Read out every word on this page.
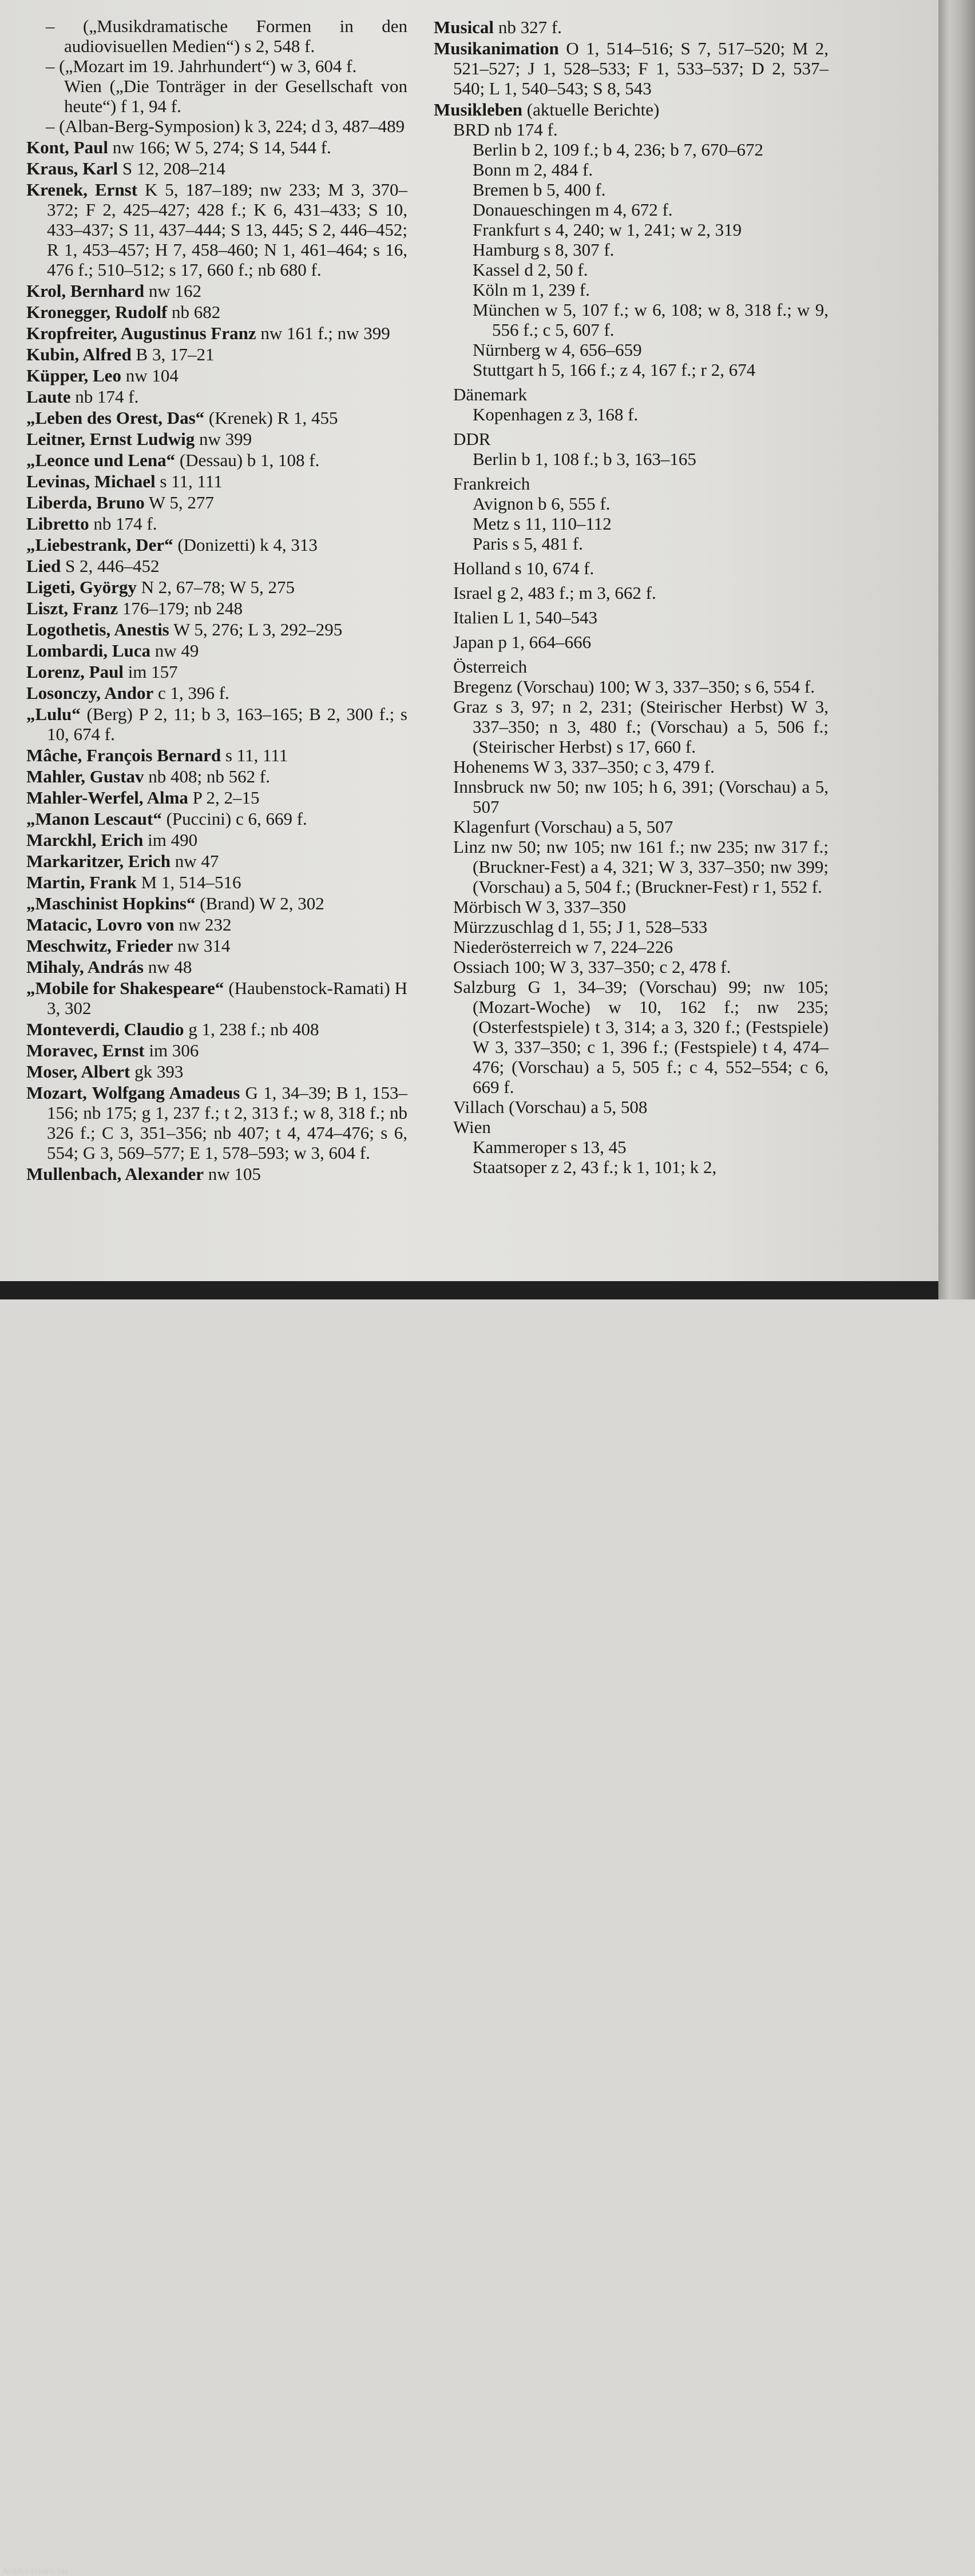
– („Musikdramatische Formen in den audiovisuellen Medien“) s 2, 548 f.
– („Mozart im 19. Jahrhundert“) w 3, 604 f.
Wien („Die Tonträger in der Gesellschaft von heute“) f 1, 94 f.
– (Alban-Berg-Symposion) k 3, 224; d 3, 487–489
Kont, Paul nw 166; W 5, 274; S 14, 544 f.
Kraus, Karl S 12, 208–214
Krenek, Ernst K 5, 187–189; nw 233; M 3, 370–372; F 2, 425–427; 428 f.; K 6, 431–433; S 10, 433–437; S 11, 437–444; S 13, 445; S 2, 446–452; R 1, 453–457; H 7, 458–460; N 1, 461–464; s 16, 476 f.; 510–512; s 17, 660 f.; nb 680 f.
Krol, Bernhard nw 162
Kronegger, Rudolf nb 682
Kropfreiter, Augustinus Franz nw 161 f.; nw 399
Kubin, Alfred B 3, 17–21
Küpper, Leo nw 104
Laute nb 174 f.
„Leben des Orest, Das“ (Krenek) R 1, 455
Leitner, Ernst Ludwig nw 399
„Leonce und Lena“ (Dessau) b 1, 108 f.
Levinas, Michael s 11, 111
Liberda, Bruno W 5, 277
Libretto nb 174 f.
„Liebestrank, Der“ (Donizetti) k 4, 313
Lied S 2, 446–452
Ligeti, György N 2, 67–78; W 5, 275
Liszt, Franz 176–179; nb 248
Logothetis, Anestis W 5, 276; L 3, 292–295
Lombardi, Luca nw 49
Lorenz, Paul im 157
Losonczy, Andor c 1, 396 f.
„Lulu“ (Berg) P 2, 11; b 3, 163–165; B 2, 300 f.; s 10, 674 f.
Mâche, François Bernard s 11, 111
Mahler, Gustav nb 408; nb 562 f.
Mahler-Werfel, Alma P 2, 2–15
„Manon Lescaut“ (Puccini) c 6, 669 f.
Marckhl, Erich im 490
Markaritzer, Erich nw 47
Martin, Frank M 1, 514–516
„Maschinist Hopkins“ (Brand) W 2, 302
Matacic, Lovro von nw 232
Meschwitz, Frieder nw 314
Mihaly, András nw 48
„Mobile for Shakespeare“ (Haubenstock-Ramati) H 3, 302
Monteverdi, Claudio g 1, 238 f.; nb 408
Moravec, Ernst im 306
Moser, Albert gk 393
Mozart, Wolfgang Amadeus G 1, 34–39; B 1, 153–156; nb 175; g 1, 237 f.; t 2, 313 f.; w 8, 318 f.; nb 326 f.; C 3, 351–356; nb 407; t 4, 474–476; s 6, 554; G 3, 569–577; E 1, 578–593; w 3, 604 f.
Mullenbach, Alexander nw 105
Musical nb 327 f.
Musikanimation O 1, 514–516; S 7, 517–520; M 2, 521–527; J 1, 528–533; F 1, 533–537; D 2, 537–540; L 1, 540–543; S 8, 543
Musikleben (aktuelle Berichte)
BRD nb 174 f.
Berlin b 2, 109 f.; b 4, 236; b 7, 670–672
Bonn m 2, 484 f.
Bremen b 5, 400 f.
Donaueschingen m 4, 672 f.
Frankfurt s 4, 240; w 1, 241; w 2, 319
Hamburg s 8, 307 f.
Kassel d 2, 50 f.
Köln m 1, 239 f.
München w 5, 107 f.; w 6, 108; w 8, 318 f.; w 9, 556 f.; c 5, 607 f.
Nürnberg w 4, 656–659
Stuttgart h 5, 166 f.; z 4, 167 f.; r 2, 674
Dänemark
Kopenhagen z 3, 168 f.
DDR
Berlin b 1, 108 f.; b 3, 163–165
Frankreich
Avignon b 6, 555 f.
Metz s 11, 110–112
Paris s 5, 481 f.
Holland s 10, 674 f.
Israel g 2, 483 f.; m 3, 662 f.
Italien L 1, 540–543
Japan p 1, 664–666
Österreich
Bregenz (Vorschau) 100; W 3, 337–350; s 6, 554 f.
Graz s 3, 97; n 2, 231; (Steirischer Herbst) W 3, 337–350; n 3, 480 f.; (Vorschau) a 5, 506 f.; (Steirischer Herbst) s 17, 660 f.
Hohenems W 3, 337–350; c 3, 479 f.
Innsbruck nw 50; nw 105; h 6, 391; (Vorschau) a 5, 507
Klagenfurt (Vorschau) a 5, 507
Linz nw 50; nw 105; nw 161 f.; nw 235; nw 317 f.; (Bruckner-Fest) a 4, 321; W 3, 337–350; nw 399; (Vorschau) a 5, 504 f.; (Bruckner-Fest) r 1, 552 f.
Mörbisch W 3, 337–350
Mürzzuschlag d 1, 55; J 1, 528–533
Niederösterreich w 7, 224–226
Ossiach 100; W 3, 337–350; c 2, 478 f.
Salzburg G 1, 34–39; (Vorschau) 99; nw 105; (Mozart-Woche) w 10, 162 f.; nw 235; (Osterfestspiele) t 3, 314; a 3, 320 f.; (Festspiele) W 3, 337–350; c 1, 396 f.; (Festspiele) t 4, 474–476; (Vorschau) a 5, 505 f.; c 4, 552–554; c 6, 669 f.
Villach (Vorschau) a 5, 508
Wien
Kammeroper s 13, 45
Staatsoper z 2, 43 f.; k 1, 101; k 2,
Antikvarium.hu
